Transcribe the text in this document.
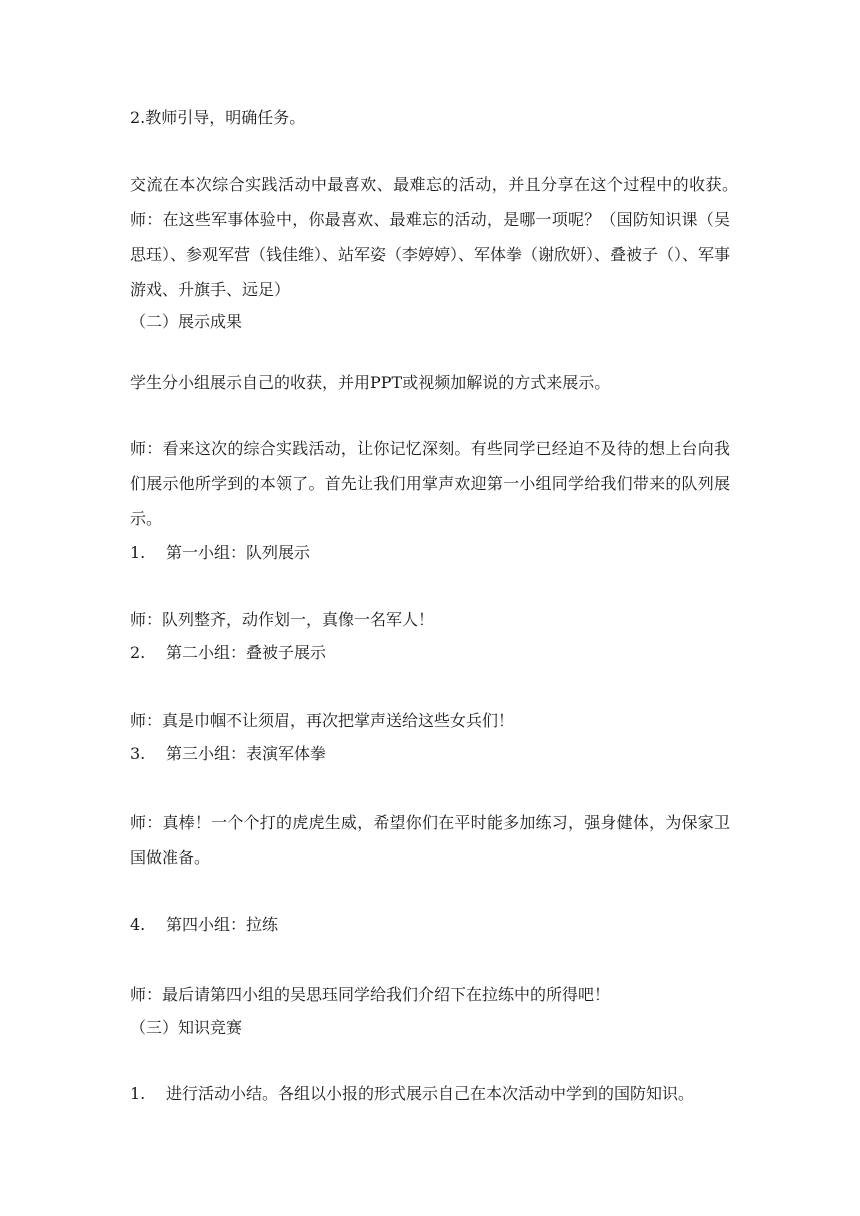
2.教师引导，明确任务。
交流在本次综合实践活动中最喜欢、最难忘的活动，并且分享在这个过程中的收获。　师：在这些军事体验中，你最喜欢、最难忘的活动，是哪一项呢？（国防知识课（吴思珏）、参观军营（钱佳维）、站军姿（李婷婷）、军体拳（谢欣妍）、叠被子（）、军事游戏、升旗手、远足）
（二）展示成果
学生分小组展示自己的收获，并用PPT或视频加解说的方式来展示。
师：看来这次的综合实践活动，让你记忆深刻。有些同学已经迫不及待的想上台向我们展示他所学到的本领了。首先让我们用掌声欢迎第一小组同学给我们带来的队列展示。
1. 第一小组：队列展示
师：队列整齐，动作划一，真像一名军人！
2. 第二小组：叠被子展示
师：真是巾帼不让须眉，再次把掌声送给这些女兵们！
3. 第三小组：表演军体拳
师：真棒！一个个打的虎虎生威，希望你们在平时能多加练习，强身健体，为保家卫国做准备。
4. 第四小组：拉练
师：最后请第四小组的吴思珏同学给我们介绍下在拉练中的所得吧！
（三）知识竞赛
1. 进行活动小结。各组以小报的形式展示自己在本次活动中学到的国防知识。
